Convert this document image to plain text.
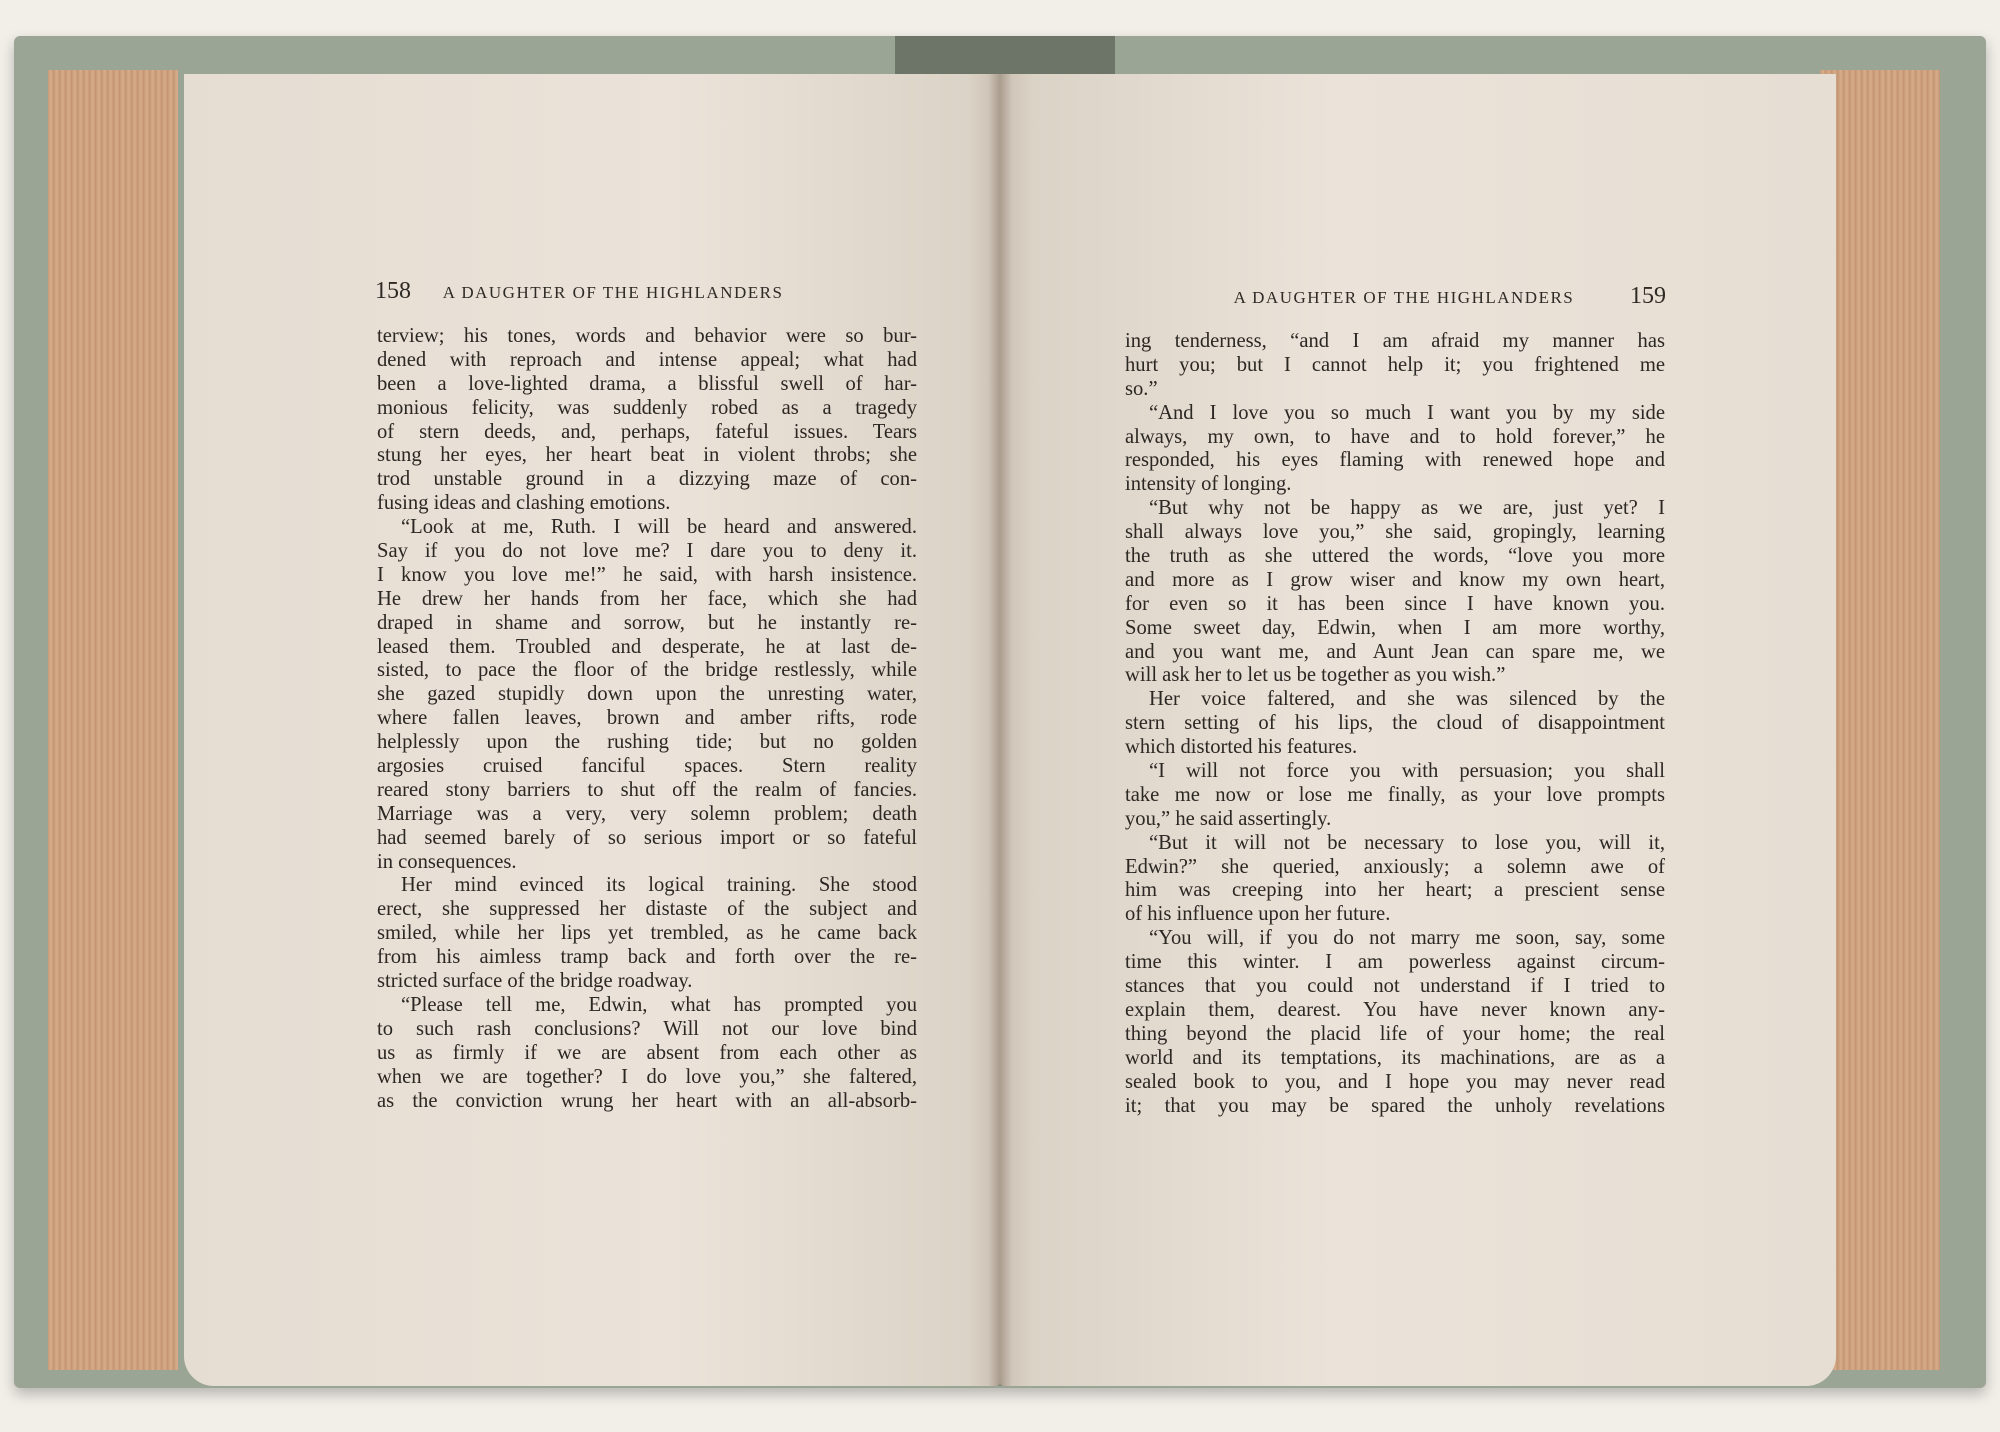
158 A DAUGHTER OF THE HIGHLANDERS	A DAUGHTER OF THE HIGHLANDERS 159
terview; his tones, words and behavior were so bur-
dened with reproach and intense appeal; what had
been a love-lighted drama, a blissful swell of har-
monious felicity, was suddenly robed as a tragedy
of stern deeds, and, perhaps, fateful issues. Tears
stung her eyes, her heart beat in violent throbs; she
trod unstable ground in a dizzying maze of con-
fusing ideas and clashing emotions.
“Look at me, Ruth. I will be heard and answered.
Say if you do not love me? I dare you to deny it.
I know you love me!” he said, with harsh insistence.
He drew her hands from her face, which she had
draped in shame and sorrow, but he instantly re-
leased them. Troubled and desperate, he at last de-
sisted, to pace the floor of the bridge restlessly, while
she gazed stupidly down upon the unresting water,
where fallen leaves, brown and amber rifts, rode
helplessly upon the rushing tide; but no golden
argosies cruised fanciful spaces. Stern reality
reared stony barriers to shut off the realm of fancies.
Marriage was a very, very solemn problem; death
had seemed barely of so serious import or so fateful
in consequences.
Her mind evinced its logical training. She stood
erect, she suppressed her distaste of the subject and
smiled, while her lips yet trembled, as he came back
from his aimless tramp back and forth over the re-
stricted surface of the bridge roadway.
“Please tell me, Edwin, what has prompted you
to such rash conclusions? Will not our love bind
us as firmly if we are absent from each other as
when we are together? I do love you,” she faltered,
as the conviction wrung her heart with an all-absorb-
ing tenderness, “and I am afraid my manner has
hurt you; but I cannot help it; you frightened me
so.”
“And I love you so much I want you by my side
always, my own, to have and to hold forever,” he
responded, his eyes flaming with renewed hope and
intensity of longing.
“But why not be happy as we are, just yet? I
shall always love you,” she said, gropingly, learning
the truth as she uttered the words, “love you more
and more as I grow wiser and know my own heart,
for even so it has been since I have known you.
Some sweet day, Edwin, when I am more worthy,
and you want me, and Aunt Jean can spare me, we
will ask her to let us be together as you wish.”
Her voice faltered, and she was silenced by the
stern setting of his lips, the cloud of disappointment
which distorted his features.
“I will not force you with persuasion; you shall
take me now or lose me finally, as your love prompts
you,” he said assertingly.
“But it will not be necessary to lose you, will it,
Edwin?” she queried, anxiously; a solemn awe of
him was creeping into her heart; a prescient sense
of his influence upon her future.
“You will, if you do not marry me soon, say, some
time this winter. I am powerless against circum-
stances that you could not understand if I tried to
explain them, dearest. You have never known any-
thing beyond the placid life of your home; the real
world and its temptations, its machinations, are as a
sealed book to you, and I hope you may never read
it; that you may be spared the unholy revelations
